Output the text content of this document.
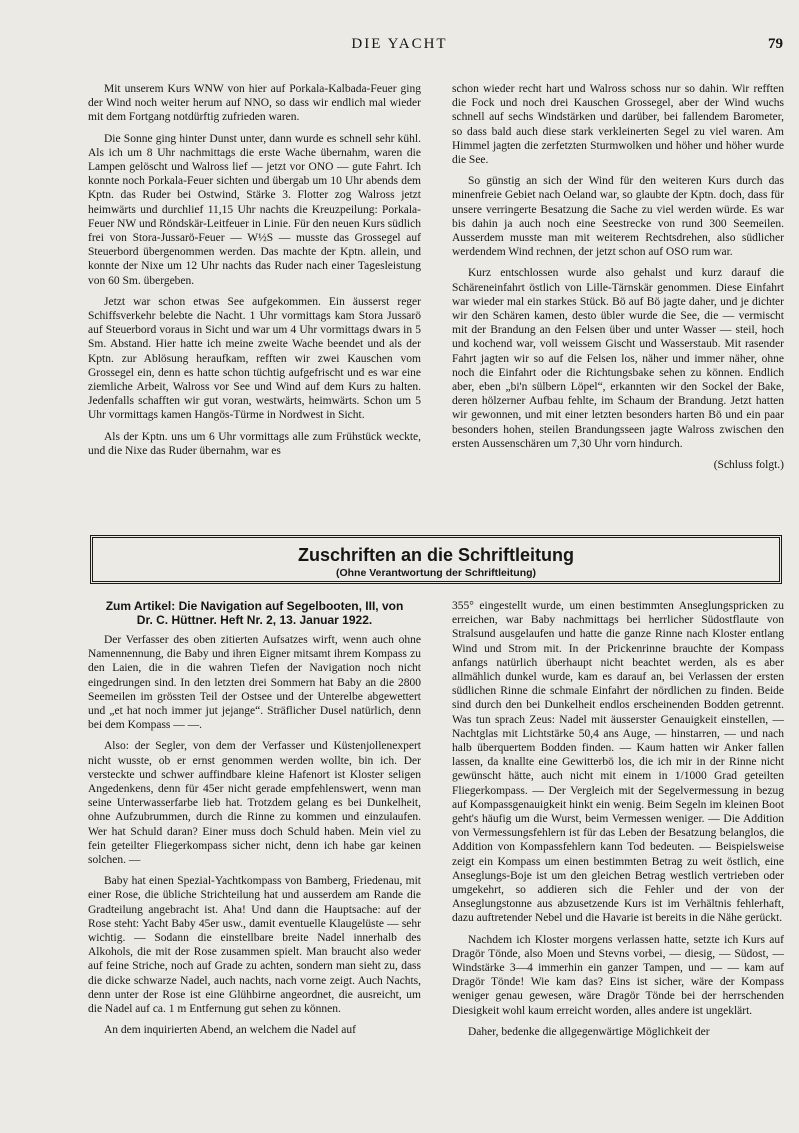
DIE YACHT	79

Mit unserem Kurs WNW von hier auf Porkala-Kalbada-Feuer ging der Wind noch weiter herum auf NNO, so dass wir endlich mal wieder mit dem Fortgang notdürftig zufrieden waren.

Die Sonne ging hinter Dunst unter, dann wurde es schnell sehr kühl. Als ich um 8 Uhr nachmittags die erste Wache übernahm, waren die Lampen gelöscht und Walross lief — jetzt vor ONO — gute Fahrt. Ich konnte noch Porkala-Feuer sichten und übergab um 10 Uhr abends dem Kptn. das Ruder bei Ostwind, Stärke 3. Flotter zog Walross jetzt heimwärts und durchlief 11,15 Uhr nachts die Kreuzpeilung: Porkala-Feuer NW und Röndskär-Leitfeuer in Linie. Für den neuen Kurs südlich frei von Stora-Jussarö-Feuer — W½S — musste das Grossegel auf Steuerbord übergenommen werden. Das machte der Kptn. allein, und konnte der Nixe um 12 Uhr nachts das Ruder nach einer Tagesleistung von 60 Sm. übergeben.

Jetzt war schon etwas See aufgekommen. Ein äusserst reger Schiffsverkehr belebte die Nacht. 1 Uhr vormittags kam Stora Jussarö auf Steuerbord voraus in Sicht und war um 4 Uhr vormittags dwars in 5 Sm. Abstand. Hier hatte ich meine zweite Wache beendet und als der Kptn. zur Ablösung heraufkam, refften wir zwei Kauschen vom Grossegel ein, denn es hatte schon tüchtig aufgefrischt und es war eine ziemliche Arbeit, Walross vor See und Wind auf dem Kurs zu halten. Jedenfalls schafften wir gut voran, westwärts, heimwärts. Schon um 5 Uhr vormittags kamen Hangös-Türme in Nordwest in Sicht.

Als der Kptn. uns um 6 Uhr vormittags alle zum Frühstück weckte, und die Nixe das Ruder übernahm, war es

schon wieder recht hart und Walross schoss nur so dahin. Wir refften die Fock und noch drei Kauschen Grossegel, aber der Wind wuchs schnell auf sechs Windstärken und darüber, bei fallendem Barometer, so dass bald auch diese stark verkleinerten Segel zu viel waren. Am Himmel jagten die zerfetzten Sturmwolken und höher und höher wurde die See.

So günstig an sich der Wind für den weiteren Kurs durch das minenfreie Gebiet nach Oeland war, so glaubte der Kptn. doch, dass für unsere verringerte Besatzung die Sache zu viel werden würde. Es war bis dahin ja auch noch eine Seestrecke von rund 300 Seemeilen. Ausserdem musste man mit weiterem Rechtsdrehen, also südlicher werdendem Wind rechnen, der jetzt schon auf OSO rum war.

Kurz entschlossen wurde also gehalst und kurz darauf die Schäreneinfahrt östlich von Lille-Tärnskär genommen. Diese Einfahrt war wieder mal ein starkes Stück. Bö auf Bö jagte daher, und je dichter wir den Schären kamen, desto übler wurde die See, die — vermischt mit der Brandung an den Felsen über und unter Wasser — steil, hoch und kochend war, voll weissem Gischt und Wasserstaub. Mit rasender Fahrt jagten wir so auf die Felsen los, näher und immer näher, ohne noch die Einfahrt oder die Richtungsbake sehen zu können. Endlich aber, eben „bi'n sülbern Löpel“, erkannten wir den Sockel der Bake, deren hölzerner Aufbau fehlte, im Schaum der Brandung. Jetzt hatten wir gewonnen, und mit einer letzten besonders harten Bö und ein paar besonders hohen, steilen Brandungsseen jagte Walross zwischen den ersten Aussenschären um 7,30 Uhr vorn hindurch.

(Schluss folgt.)

Zuschriften an die Schriftleitung
(Ohne Verantwortung der Schriftleitung)
Zum Artikel: Die Navigation auf Segelbooten, III, von
Dr. C. Hüttner. Heft Nr. 2, 13. Januar 1922.

Der Verfasser des oben zitierten Aufsatzes wirft, wenn auch ohne Namennennung, die Baby und ihren Eigner mitsamt ihrem Kompass zu den Laien, die in die wahren Tiefen der Navigation noch nicht eingedrungen sind. In den letzten drei Sommern hat Baby an die 2800 Seemeilen im grössten Teil der Ostsee und der Unterelbe abgewettert und „et hat noch immer jut jejange“. Sträflicher Dusel natürlich, denn bei dem Kompass — —.

Also: der Segler, von dem der Verfasser und Küstenjollenexpert nicht wusste, ob er ernst genommen werden wollte, bin ich. Der versteckte und schwer auffindbare kleine Hafenort ist Kloster seligen Angedenkens, denn für 45er nicht gerade empfehlenswert, wenn man seine Unterwasserfarbe lieb hat. Trotzdem gelang es bei Dunkelheit, ohne Aufzubrummen, durch die Rinne zu kommen und einzulaufen. Wer hat Schuld daran? Einer muss doch Schuld haben. Mein viel zu fein geteilter Fliegerkompass sicher nicht, denn ich habe gar keinen solchen. —

Baby hat einen Spezial-Yachtkompass von Bamberg, Friedenau, mit einer Rose, die übliche Strichteilung hat und ausserdem am Rande die Gradteilung angebracht ist. Aha! Und dann die Hauptsache: auf der Rose steht: Yacht Baby 45er usw., damit eventuelle Klaugelüste — sehr wichtig. — Sodann die einstellbare breite Nadel innerhalb des Alkohols, die mit der Rose zusammen spielt. Man braucht also weder auf feine Striche, noch auf Grade zu achten, sondern man sieht zu, dass die dicke schwarze Nadel, auch nachts, nach vorne zeigt. Auch Nachts, denn unter der Rose ist eine Glühbirne angeordnet, die ausreicht, um die Nadel auf ca. 1 m Entfernung gut sehen zu können.

An dem inquirierten Abend, an welchem die Nadel auf

355° eingestellt wurde, um einen bestimmten Anseglungspricken zu erreichen, war Baby nachmittags bei herrlicher Südostflaute von Stralsund ausgelaufen und hatte die ganze Rinne nach Kloster entlang Wind und Strom mit. In der Prickenrinne brauchte der Kompass anfangs natürlich überhaupt nicht beachtet werden, als es aber allmählich dunkel wurde, kam es darauf an, bei Verlassen der ersten südlichen Rinne die schmale Einfahrt der nördlichen zu finden. Beide sind durch den bei Dunkelheit endlos erscheinenden Bodden getrennt. Was tun sprach Zeus: Nadel mit äusserster Genauigkeit einstellen, — Nachtglas mit Lichtstärke 50,4 ans Auge, — hinstarren, — und nach halb überquertem Bodden finden. — Kaum hatten wir Anker fallen lassen, da knallte eine Gewitterbö los, die ich mir in der Rinne nicht gewünscht hätte, auch nicht mit einem in 1/1000 Grad geteilten Fliegerkompass. — Der Vergleich mit der Segelvermessung in bezug auf Kompassgenauigkeit hinkt ein wenig. Beim Segeln im kleinen Boot geht's häufig um die Wurst, beim Vermessen weniger. — Die Addition von Vermessungsfehlern ist für das Leben der Besatzung belanglos, die Addition von Kompassfehlern kann Tod bedeuten. — Beispielsweise zeigt ein Kompass um einen bestimmten Betrag zu weit östlich, eine Anseglungs-Boje ist um den gleichen Betrag westlich vertrieben oder umgekehrt, so addieren sich die Fehler und der von der Anseglungstonne aus abzusetzende Kurs ist im Verhältnis fehlerhaft, dazu auftretender Nebel und die Havarie ist bereits in die Nähe gerückt.

Nachdem ich Kloster morgens verlassen hatte, setzte ich Kurs auf Dragör Tönde, also Moen und Stevns vorbei, — diesig, — Südost, — Windstärke 3—4 immerhin ein ganzer Tampen, und — — kam auf Dragör Tönde! Wie kam das? Eins ist sicher, wäre der Kompass weniger genau gewesen, wäre Dragör Tönde bei der herrschenden Diesigkeit wohl kaum erreicht worden, alles andere ist ungeklärt.

Daher, bedenke die allgegenwärtige Möglichkeit der
